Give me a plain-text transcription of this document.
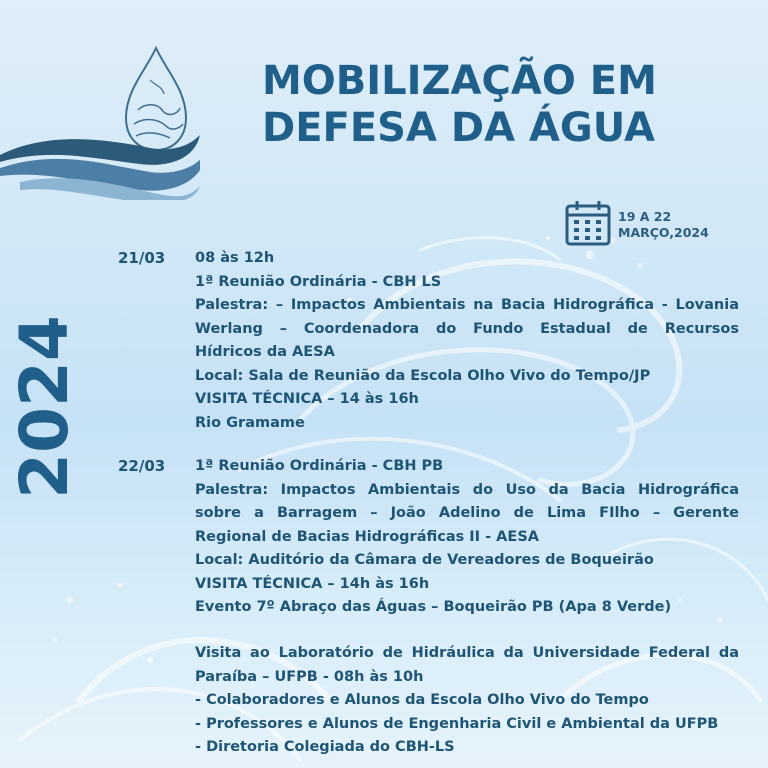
MOBILIZAÇÃO EM
DEFESA DA ÁGUA
19 A 22
MARÇO,2024
2024
21/03 08 às 12h
1ª Reunião Ordinária - CBH LS
Palestra: – Impactos Ambientais na Bacia Hidrográfica - Lovania
Werlang – Coordenadora do Fundo Estadual de Recursos
Hídricos da AESA
Local: Sala de Reunião da Escola Olho Vivo do Tempo/JP
VISITA TÉCNICA – 14 às 16h
Rio Gramame
22/03 1ª Reunião Ordinária - CBH PB
Palestra: Impactos Ambientais do Uso da Bacia Hidrográfica
sobre a Barragem – João Adelino de Lima FIlho – Gerente
Regional de Bacias Hidrográficas II - AESA
Local: Auditório da Câmara de Vereadores de Boqueirão
VISITA TÉCNICA – 14h às 16h
Evento 7º Abraço das Águas – Boqueirão PB (Apa 8 Verde)
Visita ao Laboratório de Hidráulica da Universidade Federal da
Paraíba – UFPB - 08h às 10h
- Colaboradores e Alunos da Escola Olho Vivo do Tempo
- Professores e Alunos de Engenharia Civil e Ambiental da UFPB
- Diretoria Colegiada do CBH-LS
